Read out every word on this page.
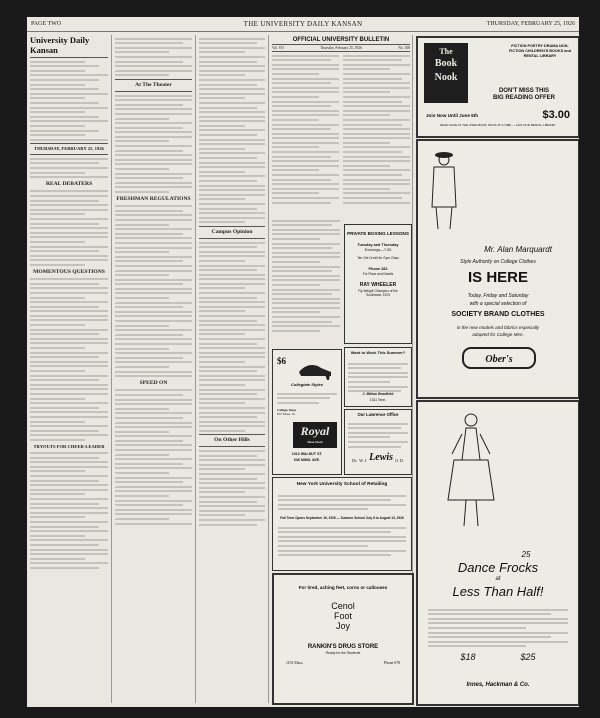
PAGE TWO	THE UNIVERSITY DAILY KANSAN	THURSDAY, FEBRUARY 25, 1926
University Daily Kansan
THURSDAY, FEBRUARY 25, 1926
REAL DEBATERS
MOMENTOUS QUESTIONS
TRYOUTS FOR CHEER-LEADER
At The Theater
FRESHMAN REGULATIONS
SPEED ON
Campus Opinion
On Other Hills
OFFICIAL UNIVERSITY BULLETIN
Vol. VII	Thursday, February 25, 1926	No. 108
PRIVATE BOXING LESSONS
Tuesday and Thursday
Evenings—7:30
Ten Get Credit for Gym Class
Phone 282
For Place and Details
RAY WHEELER
Fly-Weight Champion of the
Southwest, 1923
$6
Collegiate Styles
College Shop
837 Mass. St.
Royal
Shoe Store
1012 WALNUT ST.
636 MINN. AVE.
Want to Work This Summer?
J. Milton Brasfield
1311 Tenn.
Our Lawrence Office
Dr. W. J. Lewis O. D.
New York University School of Retailing
Fall Term Opens September 16, 1926 — Summer School July 6 to August 13, 1926
For tired, aching feet, corns or callouses
Cenol
Foot
Joy
RANKIN'S DRUG STORE
Ready for the Students
1101 Mass.	Phone 678
The
Book
Nook
FICTION POETRY DRAMA NON-FICTION CHILDREN'S BOOKS and RENTAL LIBRARY
DON'T MISS THIS
BIG READING OFFER
Join Now Until June 5th	$3.00
READ SAVE AT THE USED-BOOK NOOK AT A TIME — 1103 OUR RENTAL LIBRARY
Mr. Alan Marquardt
Style Authority on College Clothes
IS HERE
Today, Friday and Saturday
with a special selection of
SOCIETY BRAND CLOTHES
in the new models and fabrics especially
adapted for College Men.
Ober's
25
Dance Frocks
at
Less Than Half!
$18	$25
Innes, Hackman & Co.
